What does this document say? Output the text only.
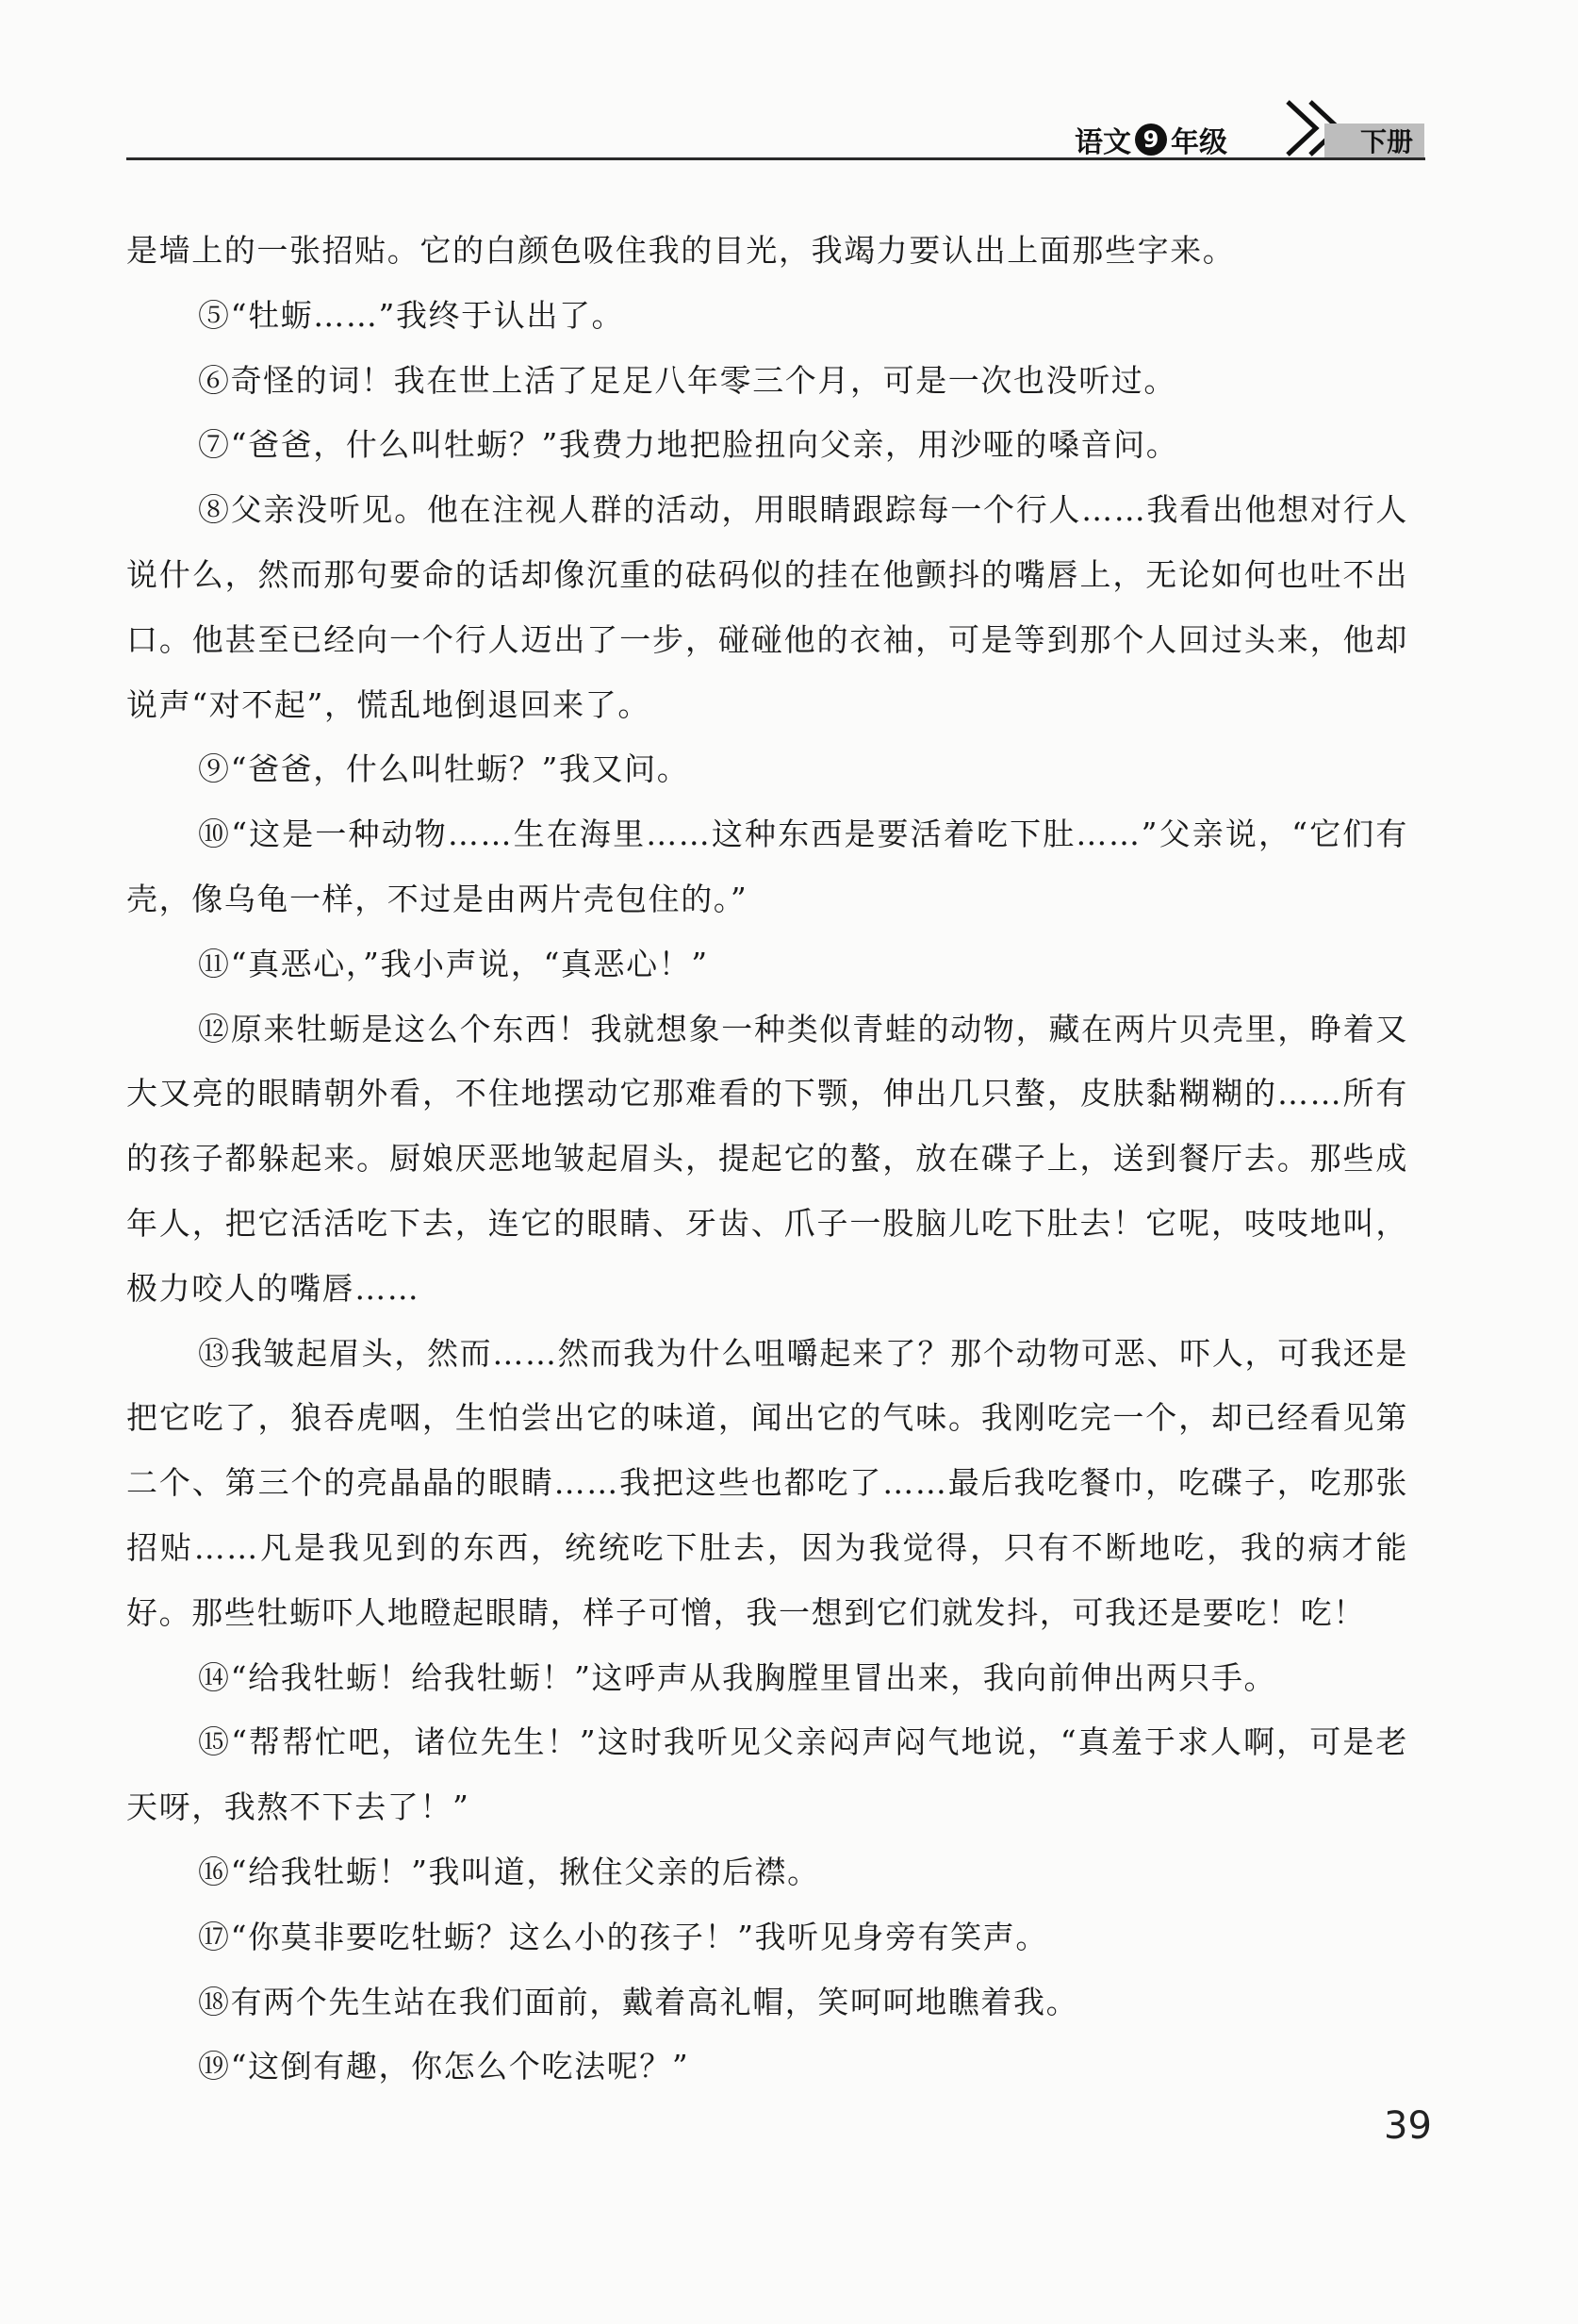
语文 9 年级	下册

是墙上的一张招贴。它的白颜色吸住我的目光，我竭力要认出上面那些字来。

⑤“牡蛎……”我终于认出了。

⑥奇怪的词！我在世上活了足足八年零三个月，可是一次也没听过。

⑦“爸爸，什么叫牡蛎？”我费力地把脸扭向父亲，用沙哑的嗓音问。

⑧父亲没听见。他在注视人群的活动，用眼睛跟踪每一个行人……我看出他想对行人说什么，然而那句要命的话却像沉重的砝码似的挂在他颤抖的嘴唇上，无论如何也吐不出口。他甚至已经向一个行人迈出了一步，碰碰他的衣袖，可是等到那个人回过头来，他却说声“对不起”，慌乱地倒退回来了。

⑨“爸爸，什么叫牡蛎？”我又问。

⑩“这是一种动物……生在海里……这种东西是要活着吃下肚……”父亲说，“它们有壳，像乌龟一样，不过是由两片壳包住的。”

⑪“真恶心，”我小声说，“真恶心！”

⑫原来牡蛎是这么个东西！我就想象一种类似青蛙的动物，藏在两片贝壳里，睁着又大又亮的眼睛朝外看，不住地摆动它那难看的下颚，伸出几只螯，皮肤黏糊糊的……所有的孩子都躲起来。厨娘厌恶地皱起眉头，提起它的螯，放在碟子上，送到餐厅去。那些成年人，把它活活吃下去，连它的眼睛、牙齿、爪子一股脑儿吃下肚去！它呢，吱吱地叫，极力咬人的嘴唇……

⑬我皱起眉头，然而……然而我为什么咀嚼起来了？那个动物可恶、吓人，可我还是把它吃了，狼吞虎咽，生怕尝出它的味道，闻出它的气味。我刚吃完一个，却已经看见第二个、第三个的亮晶晶的眼睛……我把这些也都吃了……最后我吃餐巾，吃碟子，吃那张招贴……凡是我见到的东西，统统吃下肚去，因为我觉得，只有不断地吃，我的病才能好。那些牡蛎吓人地瞪起眼睛，样子可憎，我一想到它们就发抖，可我还是要吃！吃！

⑭“给我牡蛎！给我牡蛎！”这呼声从我胸膛里冒出来，我向前伸出两只手。

⑮“帮帮忙吧，诸位先生！”这时我听见父亲闷声闷气地说，“真羞于求人啊，可是老天呀，我熬不下去了！”

⑯“给我牡蛎！”我叫道，揪住父亲的后襟。

⑰“你莫非要吃牡蛎？这么小的孩子！”我听见身旁有笑声。

⑱有两个先生站在我们面前，戴着高礼帽，笑呵呵地瞧着我。

⑲“这倒有趣，你怎么个吃法呢？”

39
